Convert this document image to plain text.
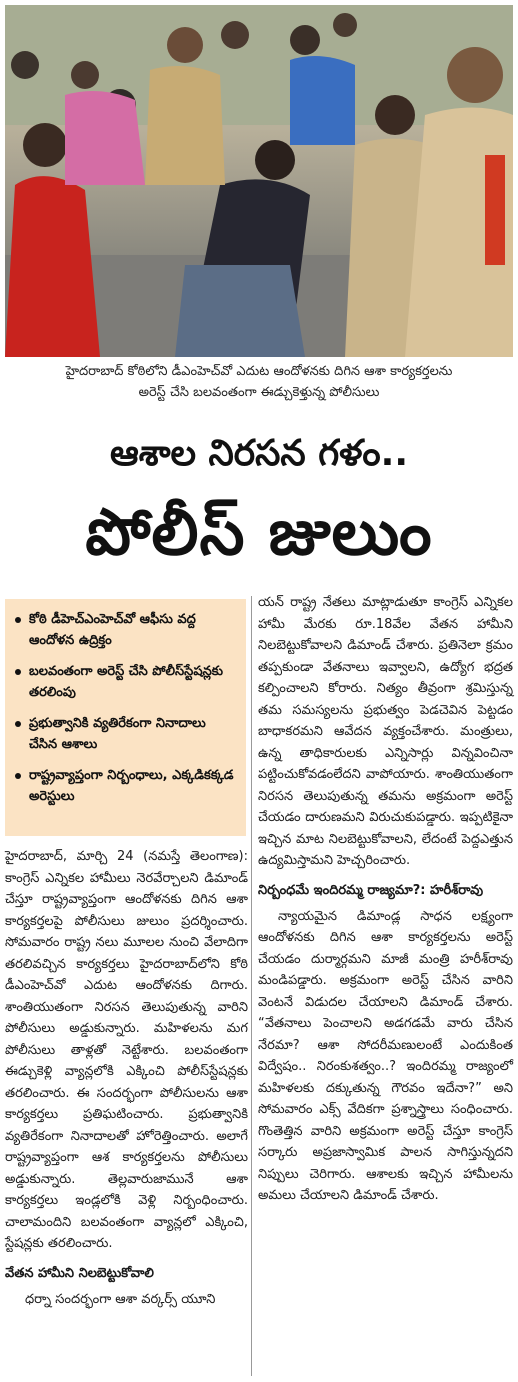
హైదరాబాద్ కోఠిలోని డీఎంహెచ్‌వో ఎదుట ఆందోళనకు దిగిన ఆశా కార్యకర్తలను
అరెస్ట్ చేసి బలవంతంగా ఈడ్చుకెళ్తున్న పోలీసులు
ఆశాల నిరసన గళం..
పోలీస్ జులుం
కోఠి డీహెచ్ఎంహెచ్‌వో ఆఫీసు వద్ద ఆందోళన ఉద్రిక్తం
బలవంతంగా అరెస్ట్ చేసి పోలీస్‌స్టేషన్లకు తరలింపు
ప్రభుత్వానికి వ్యతిరేకంగా నినాదాలు చేసిన ఆశాలు
రాష్ట్రవ్యాప్తంగా నిర్బంధాలు, ఎక్కడికక్కడ అరెస్టులు

హైదరాబాద్, మార్చి 24 (నమస్తే తెలంగాణ): కాంగ్రెస్ ఎన్నికల హామీలు నెరవేర్చాలని డిమాండ్ చేస్తూ రాష్ట్రవ్యాప్తంగా ఆందోళనకు దిగిన ఆశా కార్యకర్తలపై పోలీసులు జులుం ప్రదర్శించారు. సోమవారం రాష్ట్ర నలు మూలల నుంచి వేలాదిగా తరలివచ్చిన కార్యకర్తలు హైదరాబాద్‌లోని కోఠి డీఎంహెచ్‌వో ఎదుట ఆందోళనకు దిగారు. శాంతియుతంగా నిరసన తెలుపుతున్న వారిని పోలీసులు అడ్డుకున్నారు. మహిళలను మగ పోలీసులు తాళ్లతో నెట్టేశారు. బలవంతంగా ఈడ్చుకెళ్లి వ్యాన్లలోకి ఎక్కించి పోలీస్‌స్టేషన్లకు తరలించారు. ఈ సందర్భంగా పోలీసులను ఆశా కార్యకర్తలు ప్రతిఘటించారు. ప్రభుత్వానికి వ్యతిరేకంగా నినాదాలతో హోరెత్తించారు. అలాగే రాష్ట్రవ్యాప్తంగా ఆశ కార్యకర్తలను పోలీసులు అడ్డుకున్నారు. తెల్లవారుజామునే ఆశా కార్యకర్తలు ఇండ్లలోకి వెళ్లి నిర్బంధించారు. చాలామందిని బలవంతంగా వ్యాన్లలో ఎక్కించి, స్టేషన్లకు తరలించారు.

వేతన హామీని నిలబెట్టుకోవాలి

ధర్నా సందర్భంగా ఆశా వర్కర్స్ యూని

యన్ రాష్ట్ర నేతలు మాట్లాడుతూ కాంగ్రెస్ ఎన్నికల హామీ మేరకు రూ.18వేల వేతన హామీని నిలబెట్టుకోవాలని డిమాండ్ చేశారు. ప్రతినెలా క్రమం తప్పకుండా వేతనాలు ఇవ్వాలని, ఉద్యోగ భద్రత కల్పించాలని కోరారు. నిత్యం తీవ్రంగా శ్రమిస్తున్న తమ సమస్యలను ప్రభుత్వం పెడచెవిన పెట్టడం బాధాకరమని ఆవేదన వ్యక్తంచేశారు. మంత్రులు, ఉన్న తాధికారులకు ఎన్నిసార్లు విన్నవించినా పట్టించుకోవడంలేదని వాపోయారు. శాంతియుతంగా నిరసన తెలుపుతున్న తమను అక్రమంగా అరెస్ట్ చేయడం దారుణమని విరుచుకుపడ్డారు. ఇప్పటికైనా ఇచ్చిన మాట నిలబెట్టుకోవాలని, లేదంటే పెద్దఎత్తున ఉద్యమిస్తామని హెచ్చరించారు.

నిర్బంధమే ఇందిరమ్మ రాజ్యమా?: హరీశ్‌రావు

న్యాయమైన డిమాండ్ల సాధన లక్ష్యంగా ఆందోళనకు దిగిన ఆశా కార్యకర్తలను అరెస్ట్ చేయడం దుర్మార్గమని మాజీ మంత్రి హరీశ్‌రావు మండిపడ్డారు. అక్రమంగా అరెస్ట్ చేసిన వారిని వెంటనే విడుదల చేయాలని డిమాండ్ చేశారు. “వేతనాలు పెంచాలని అడగడమే వారు చేసిన నేరమా? ఆశా సోదరీమణులంటే ఎందుకింత విద్వేషం.. నిరంకుశత్వం..? ఇందిరమ్మ రాజ్యంలో మహిళలకు దక్కుతున్న గౌరవం ఇదేనా?” అని సోమవారం ఎక్స్ వేదికగా ప్రశ్నాస్త్రాలు సంధించారు. గొంతెత్తిన వారిని అక్రమంగా అరెస్ట్ చేస్తూ కాంగ్రెస్ సర్కారు అప్రజాస్వామిక పాలన సాగిస్తున్నదని నిప్పులు చెరిగారు. ఆశాలకు ఇచ్చిన హామీలను అమలు చేయాలని డిమాండ్ చేశారు.
